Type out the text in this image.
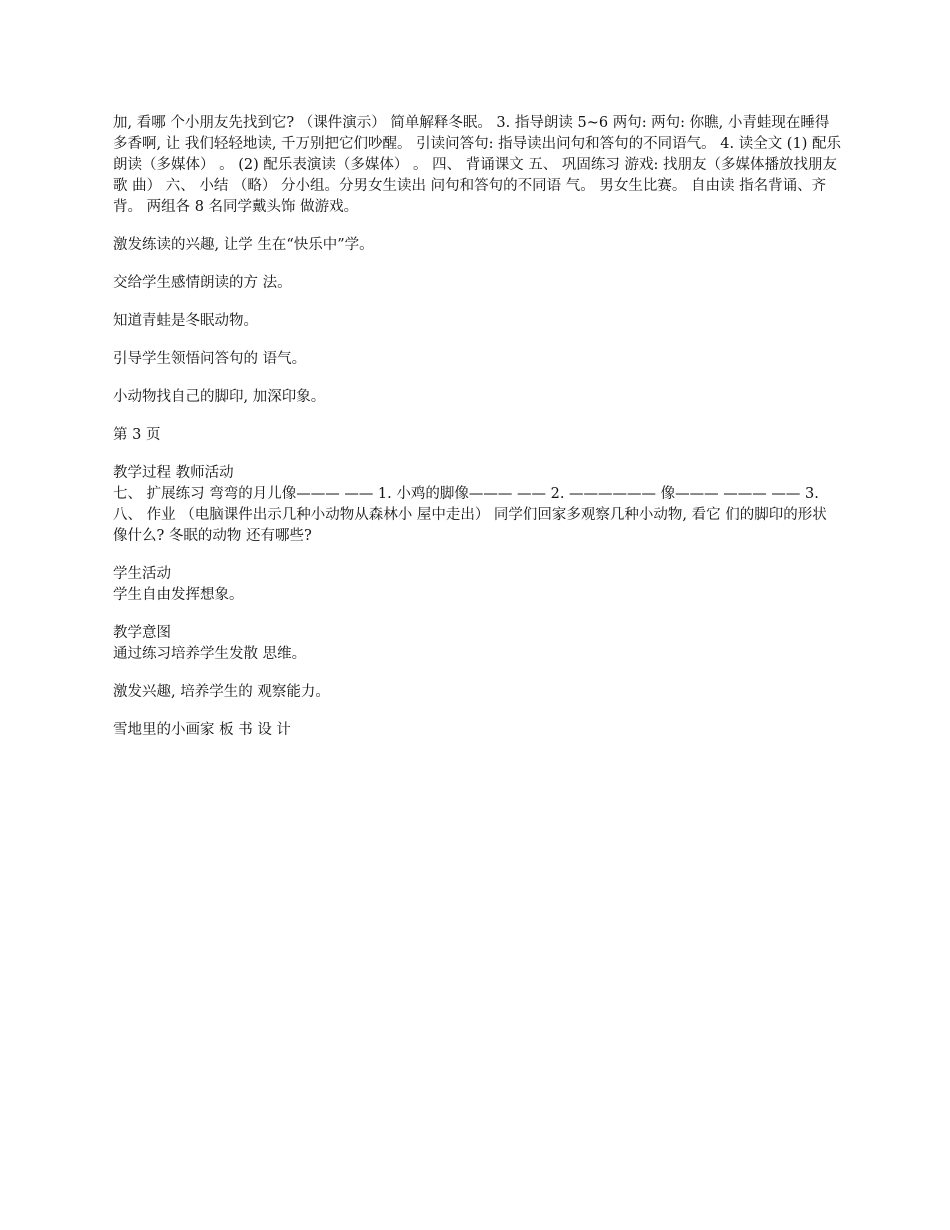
加, 看哪 个小朋友先找到它? （课件演示） 简单解释冬眠。 3. 指导朗读 5~6 两句: 两句: 你瞧, 小青蛙现在睡得多香啊, 让 我们轻轻地读, 千万别把它们吵醒。 引读问答句: 指导读出问句和答句的不同语气。 4. 读全文 (1) 配乐朗读（多媒体） 。 (2) 配乐表演读（多媒体） 。 四、 背诵课文 五、 巩固练习 游戏: 找朋友（多媒体播放找朋友歌 曲） 六、 小结 （略） 分小组。分男女生读出 问句和答句的不同语 气。 男女生比赛。 自由读 指名背诵、齐背。 两组各 8 名同学戴头饰 做游戏。

激发练读的兴趣, 让学 生在“快乐中”学。

交给学生感情朗读的方 法。

知道青蛙是冬眠动物。

引导学生领悟问答句的 语气。

小动物找自己的脚印, 加深印象。

第 3 页

教学过程 教师活动

七、 扩展练习 弯弯的月儿像——— —— 1. 小鸡的脚像——— —— 2. —————— 像——— ——— —— 3. 八、 作业 （电脑课件出示几种小动物从森林小 屋中走出） 同学们回家多观察几种小动物, 看它 们的脚印的形状像什么? 冬眠的动物 还有哪些?

学生活动

学生自由发挥想象。

教学意图

通过练习培养学生发散 思维。

激发兴趣, 培养学生的 观察能力。

雪地里的小画家 板 书 设 计
